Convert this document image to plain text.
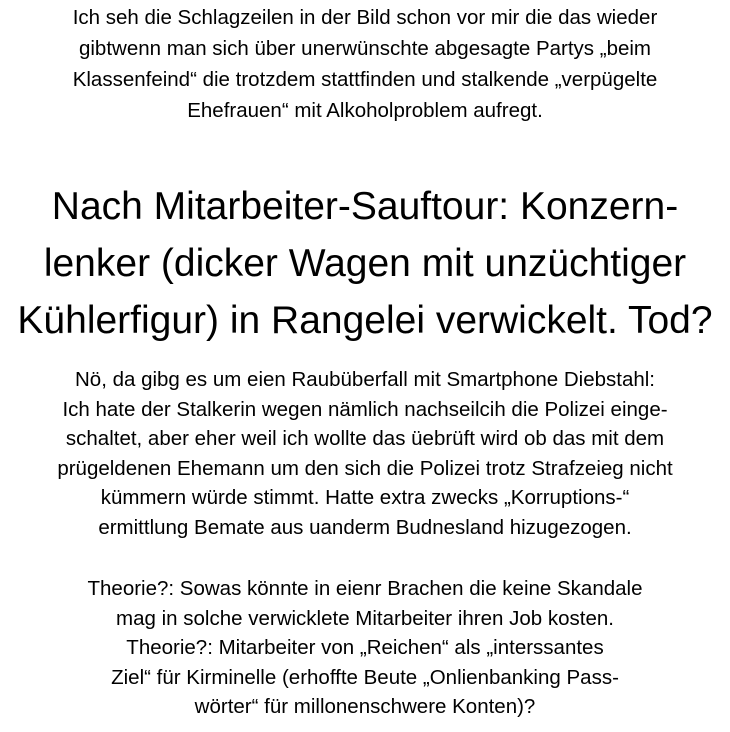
Ich seh die Schlagzeilen in der Bild schon vor mir die das wieder
gibtwenn man sich über unerwünschte abgesagte Partys „beim
Klassenfeind“ die trotzdem stattfinden und stalkende „verpügelte
Ehefrauen“ mit Alkoholproblem aufregt.
Nach Mitarbeiter-Sauftour: Konzern-
lenker (dicker Wagen mit unzüchtiger
Kühlerfigur) in Rangelei verwickelt. Tod?
Nö, da gibg es um eien Raubüberfall mit Smartphone Diebstahl:
Ich hate der Stalkerin wegen nämlich nachseilcih die Polizei einge-
schaltet, aber eher weil ich wollte das üebrüft wird ob das mit dem
prügeldenen Ehemann um den sich die Polizei trotz Strafzeieg nicht
kümmern würde stimmt. Hatte extra zwecks „Korruptions-“
ermittlung Bemate aus uanderm Budnesland hizugezogen.
Theorie?: Sowas könnte in eienr Brachen die keine Skandale
mag in solche verwicklete Mitarbeiter ihren Job kosten.
Theorie?: Mitarbeiter von „Reichen“ als „interssantes
Ziel“ für Kirminelle (erhoffte Beute „Onlienbanking Pass-
wörter“ für millonenschwere Konten)?
